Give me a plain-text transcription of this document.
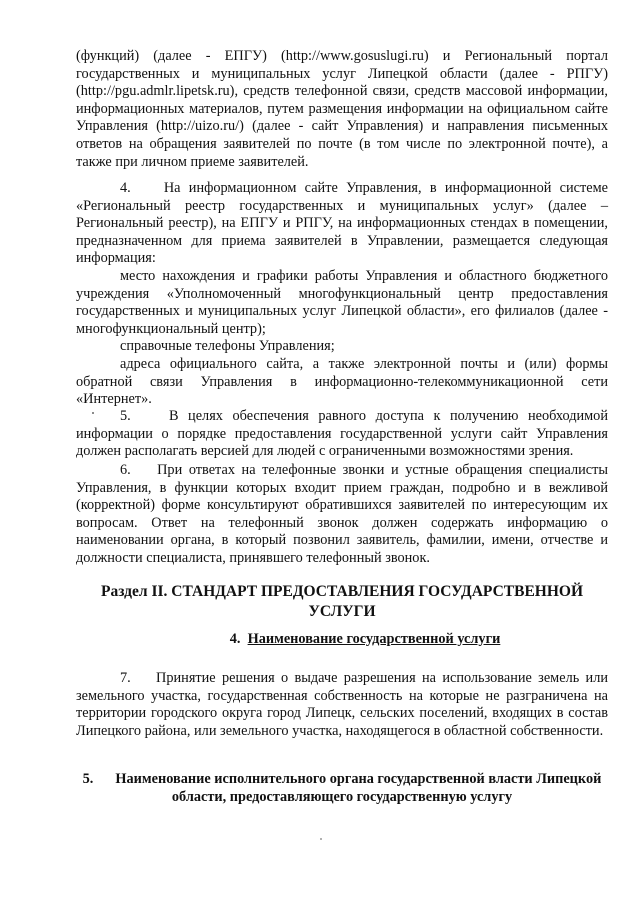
(функций) (далее - ЕПГУ) (http://www.gosuslugi.ru) и Региональный портал государственных и муниципальных услуг Липецкой области (далее - РПГУ) (http://pgu.admlr.lipetsk.ru), средств телефонной связи, средств массовой информации, информационных материалов, путем размещения информации на официальном сайте Управления (http://uizo.ru/) (далее - сайт Управления) и направления письменных ответов на обращения заявителей по почте (в том числе по электронной почте), а также при личном приеме заявителей.

4.    На информационном сайте Управления, в информационной системе «Региональный реестр государственных и муниципальных услуг» (далее – Региональный реестр), на ЕПГУ и РПГУ, на информационных стендах в помещении, предназначенном для приема заявителей в Управлении, размещается следующая информация:

место нахождения и графики работы Управления и областного бюджетного учреждения «Уполномоченный многофункциональный центр предоставления государственных и муниципальных услуг Липецкой области», его филиалов (далее - многофункциональный центр);

справочные телефоны Управления;

адреса официального сайта, а также электронной почты и (или) формы обратной связи Управления в информационно-телекоммуникационной сети «Интернет».

5.    В целях обеспечения равного доступа к получению необходимой информации о порядке предоставления государственной услуги сайт Управления должен располагать версией для людей с ограниченными возможностями зрения.

6.    При ответах на телефонные звонки и устные обращения специалисты Управления, в функции которых входит прием граждан, подробно и в вежливой (корректной) форме консультируют обратившихся заявителей по интересующим их вопросам. Ответ на телефонный звонок должен содержать информацию о наименовании органа, в который позвонил заявитель, фамилии, имени, отчестве и должности специалиста, принявшего телефонный звонок.

Раздел II. СТАНДАРТ ПРЕДОСТАВЛЕНИЯ ГОСУДАРСТВЕННОЙ УСЛУГИ

4. Наименование государственной услуги

7.    Принятие решения о выдаче разрешения на использование земель или земельного участка, государственная собственность на которые не разграничена на территории городского округа город Липецк, сельских поселений, входящих в состав Липецкого района, или земельного участка, находящегося в областной собственности.

5. Наименование исполнительного органа государственной власти Липецкой области, предоставляющего государственную услугу
